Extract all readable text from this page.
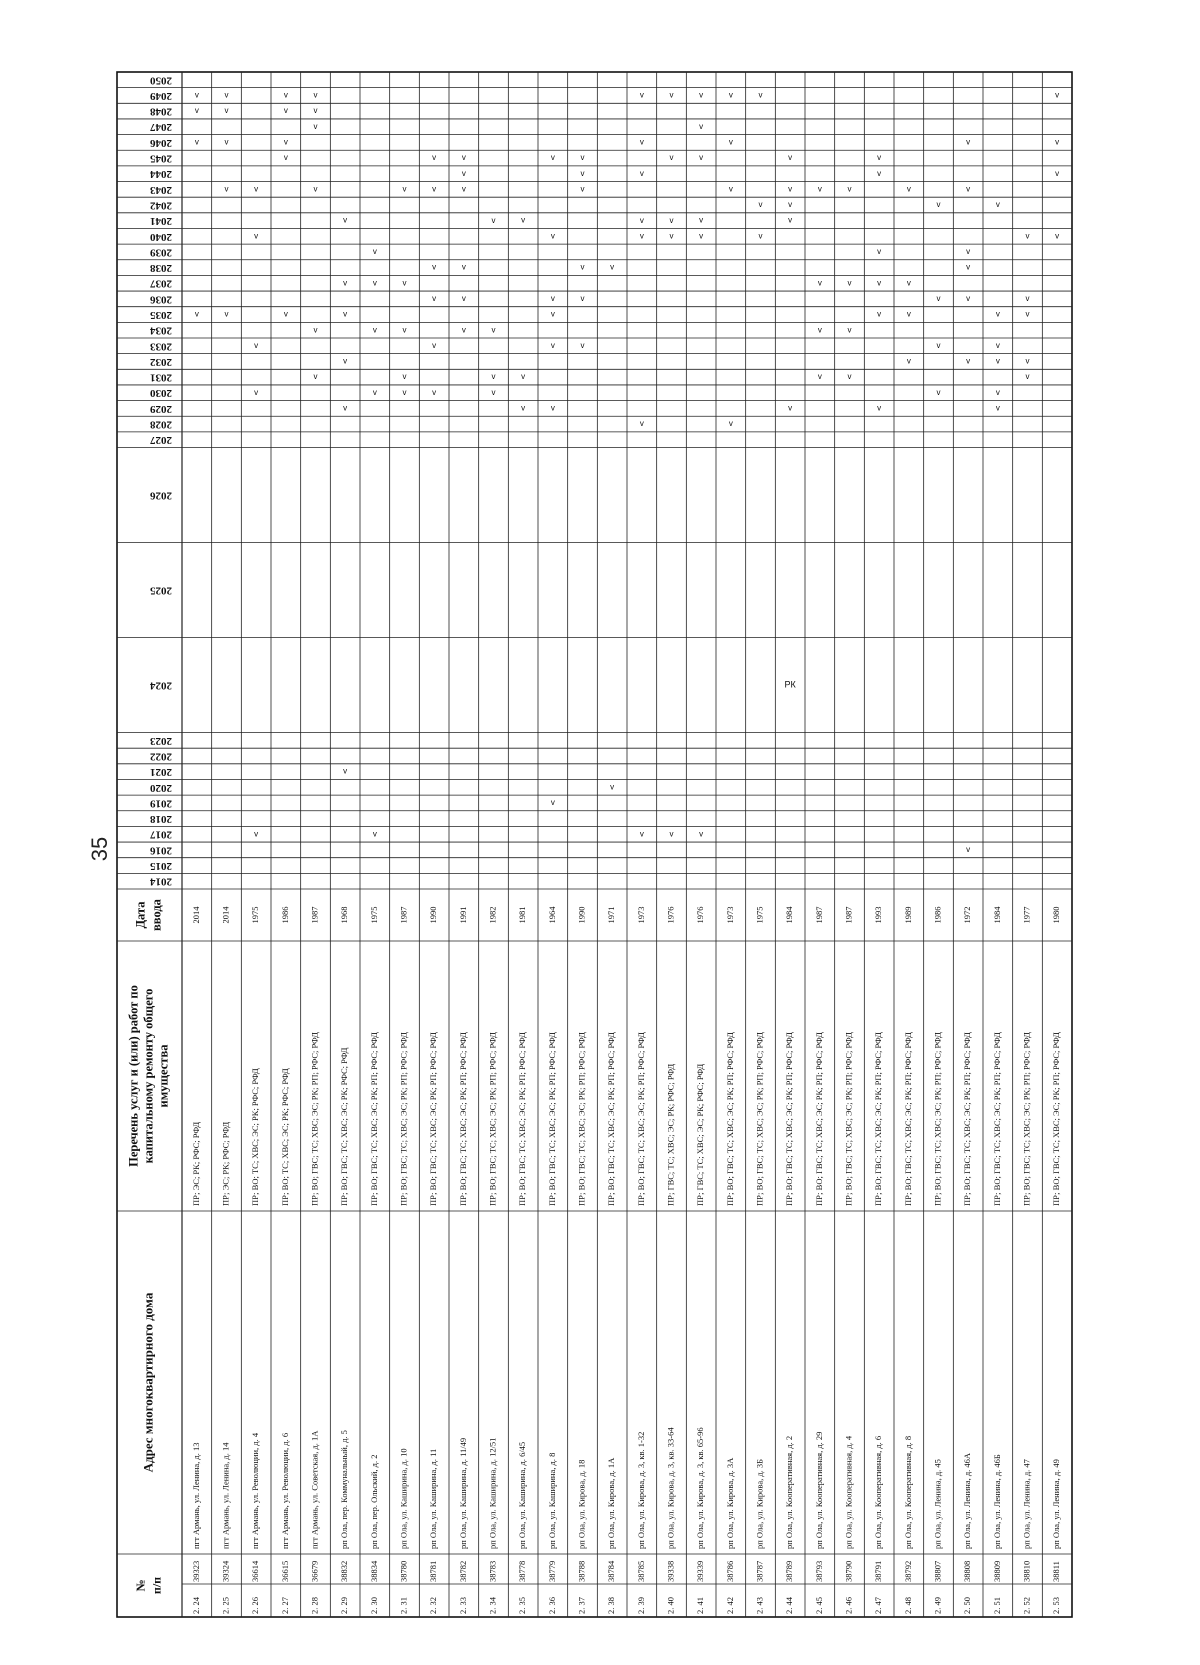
35
№ п/п
Адрес многоквартирного дома
Перечень услуг и (или) работ по капитальному ремонту общего имущества
Дата ввода
2014
2015
2016
2017
2018
2019
2020
2021
2022
2023
2024
2025
2026
2027
2028
2029
2030
2031
2032
2033
2034
2035
2036
2037
2038
2039
2040
2041
2042
2043
2044
2045
2046
2047
2048
2049
2050
2. 24
39323
пгт Армань, ул. Ленина, д. 13
ПР; ЭС; РК; РФС; РФД
2014
v
v
v
v
2. 25
39324
пгт Армань, ул. Ленина, д. 14
ПР; ЭС; РК; РФС; РФД
2014
v
v
v
v
v
2. 26
36614
пгт Армань, ул. Революции, д. 4
ПР; ВО; ТС; ХВС; ЭС; РК; РФС; РФД
1975
v
v
v
v
v
2. 27
36615
пгт Армань, ул. Революции, д. 6
ПР; ВО; ТС; ХВС; ЭС; РК; РФС; РФД
1986
v
v
v
v
v
2. 28
36679
пгт Армань, ул. Советская, д. 1А
ПР; ВО; ГВС; ТС; ХВС; ЭС; РК; РП; РФС; РФД
1987
v
v
v
v
v
v
2. 29
38832
рп Ола, пер. Коммунальный, д. 5
ПР; ВО; ГВС; ТС; ХВС; ЭС; РК; РФС; РФД
1968
v
v
v
v
v
v
2. 30
38834
рп Ола, пер. Ольский, д. 2
ПР; ВО; ГВС; ТС; ХВС; ЭС; РК; РП; РФС; РФД
1975
v
v
v
v
v
2. 31
38780
рп Ола, ул. Каширина, д. 10
ПР; ВО; ГВС; ТС; ХВС; ЭС; РК; РП; РФС; РФД
1987
v
v
v
v
v
2. 32
38781
рп Ола, ул. Каширина, д. 11
ПР; ВО; ГВС; ТС; ХВС; ЭС; РК; РП; РФС; РФД
1990
v
v
v
v
v
v
2. 33
38782
рп Ола, ул. Каширина, д. 11/49
ПР; ВО; ГВС; ТС; ХВС; ЭС; РК; РП; РФС; РФД
1991
v
v
v
v
v
v
2. 34
38783
рп Ола, ул. Каширина, д. 12/51
ПР; ВО; ГВС; ТС; ХВС; ЭС; РК; РП; РФС; РФД
1982
v
v
v
v
2. 35
38778
рп Ола, ул. Каширина, д. 6/45
ПР; ВО; ГВС; ТС; ХВС; ЭС; РК; РП; РФС; РФД
1981
v
v
v
2. 36
38779
рп Ола, ул. Каширина, д. 8
ПР; ВО; ГВС; ТС; ХВС; ЭС; РК; РП; РФС; РФД
1964
v
v
v
v
v
v
v
2. 37
38788
рп Ола, ул. Кирова, д. 18
ПР; ВО; ГВС; ТС; ХВС; ЭС; РК; РП; РФС; РФД
1990
v
v
v
v
v
v
2. 38
38784
рп Ола, ул. Кирова, д. 1А
ПР; ВО; ГВС; ТС; ХВС; ЭС; РК; РП; РФС; РФД
1971
v
v
2. 39
38785
рп Ола, ул. Кирова, д. 3, кв. 1-32
ПР; ВО; ГВС; ТС; ХВС; ЭС; РК; РП; РФС; РФД
1973
v
v
v
v
v
v
v
2. 40
39338
рп Ола, ул. Кирова, д. 3, кв. 33-64
ПР; ГВС; ТС; ХВС; ЭС; РК; РФС; РФД
1976
v
v
v
v
v
2. 41
39339
рп Ола, ул. Кирова, д. 3, кв. 65-96
ПР; ГВС; ТС; ХВС; ЭС; РК; РФС; РФД
1976
v
v
v
v
v
v
2. 42
38786
рп Ола, ул. Кирова, д. 3А
ПР; ВО; ГВС; ТС; ХВС; ЭС; РК; РП; РФС; РФД
1973
v
v
v
v
2. 43
38787
рп Ола, ул. Кирова, д. 3Б
ПР; ВО; ГВС; ТС; ХВС; ЭС; РК; РП; РФС; РФД
1975
v
v
v
2. 44
38789
рп Ола, ул. Кооперативная, д. 2
ПР; ВО; ГВС; ТС; ХВС; ЭС; РК; РП; РФС; РФД
1984
РК
v
v
v
v
v
2. 45
38793
рп Ола, ул. Кооперативная, д. 29
ПР; ВО; ГВС; ТС; ХВС; ЭС; РК; РП; РФС; РФД
1987
v
v
v
v
2. 46
38790
рп Ола, ул. Кооперативная, д. 4
ПР; ВО; ГВС; ТС; ХВС; ЭС; РК; РП; РФС; РФД
1987
v
v
v
v
2. 47
38791
рп Ола, ул. Кооперативная, д. 6
ПР; ВО; ГВС; ТС; ХВС; ЭС; РК; РП; РФС; РФД
1993
v
v
v
v
v
v
2. 48
38792
рп Ола, ул. Кооперативная, д. 8
ПР; ВО; ГВС; ТС; ХВС; ЭС; РК; РП; РФС; РФД
1989
v
v
v
v
2. 49
38807
рп Ола, ул. Ленина, д. 45
ПР; ВО; ГВС; ТС; ХВС; ЭС; РК; РП; РФС; РФД
1986
v
v
v
v
2. 50
38808
рп Ола, ул. Ленина, д. 46А
ПР; ВО; ГВС; ТС; ХВС; ЭС; РК; РП; РФС; РФД
1972
v
v
v
v
v
v
v
2. 51
38809
рп Ола, ул. Ленина, д. 46Б
ПР; ВО; ГВС; ТС; ХВС; ЭС; РК; РП; РФС; РФД
1984
v
v
v
v
v
v
2. 52
38810
рп Ола, ул. Ленина, д. 47
ПР; ВО; ГВС; ТС; ХВС; ЭС; РК; РП; РФС; РФД
1977
v
v
v
v
v
2. 53
38811
рп Ола, ул. Ленина, д. 49
ПР; ВО; ГВС; ТС; ХВС; ЭС; РК; РП; РФС; РФД
1980
v
v
v
v
